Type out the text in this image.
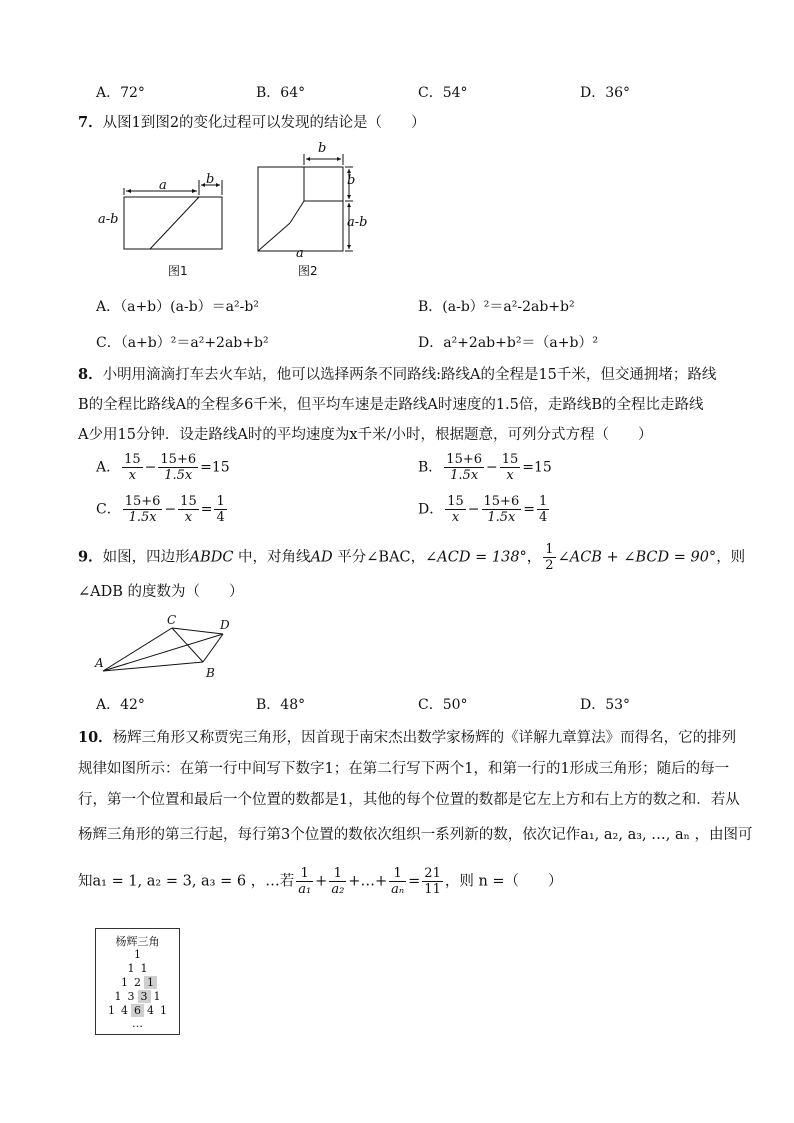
A．72°	B．64°	C．54°	D．36°
7．从图1到图2的变化过程可以发现的结论是（　　）
a	b
a-b
图1
b
b
a-b
a
图2
A．（a+b）(a-b）＝a²-b²	B．(a-b）²＝a²-2ab+b²
C．（a+b）²＝a²+2ab+b²	D．a²+2ab+b²＝（a+b）²
8．小明用滴滴打车去火车站，他可以选择两条不同路线:路线A的全程是15千米，但交通拥堵；路线
B的全程比路线A的全程多6千米，但平均车速是走路线A时速度的1.5倍，走路线B的全程比走路线
A少用15分钟．设走路线A时的平均速度为x千米/小时，根据题意，可列分式方程（　　）
A． $\frac{15}{x} - \frac{15+6}{1.5x} =15$	B． $\frac{15+6}{1.5x} - \frac{15}{x} =15$
C． $\frac{15+6}{1.5x} - \frac{15}{x} = \frac{1}{4}$	D． $\frac{15}{x} - \frac{15+6}{1.5x} = \frac{1}{4}$
9．如图，四边形ABDC 中，对角线AD 平分∠BAC，∠ACD = 138°， $\frac{1}{2}$ ∠ACB + ∠BCD = 90°，则
∠ADB 的度数为（　　）
A
B
C	D
A．42°	B．48°	C．50°	D．53°
10．杨辉三角形又称贾宪三角形，因首现于南宋杰出数学家杨辉的《详解九章算法》而得名，它的排列
规律如图所示：在第一行中间写下数字1；在第二行写下两个1，和第一行的1形成三角形；随后的每一
行，第一个位置和最后一个位置的数都是1，其他的每个位置的数都是它左上方和右上方的数之和．若从
杨辉三角形的第三行起，每行第3个位置的数依次组织一系列新的数，依次记作a₁, a₂, a₃, …, aₙ ，由图可
知a₁ = 1, a₂ = 3, a₃ = 6 ，…若 $\frac{1}{\text{a₁}} + \frac{1}{\text{a₂}}$ +…+ $\frac{1}{\text{aₙ}} = \frac{21}{11}$ ，则 n =（　　）
杨辉三角
1
1 1
1 2 1
1 3 3 1
1 4 6 4 1
…
